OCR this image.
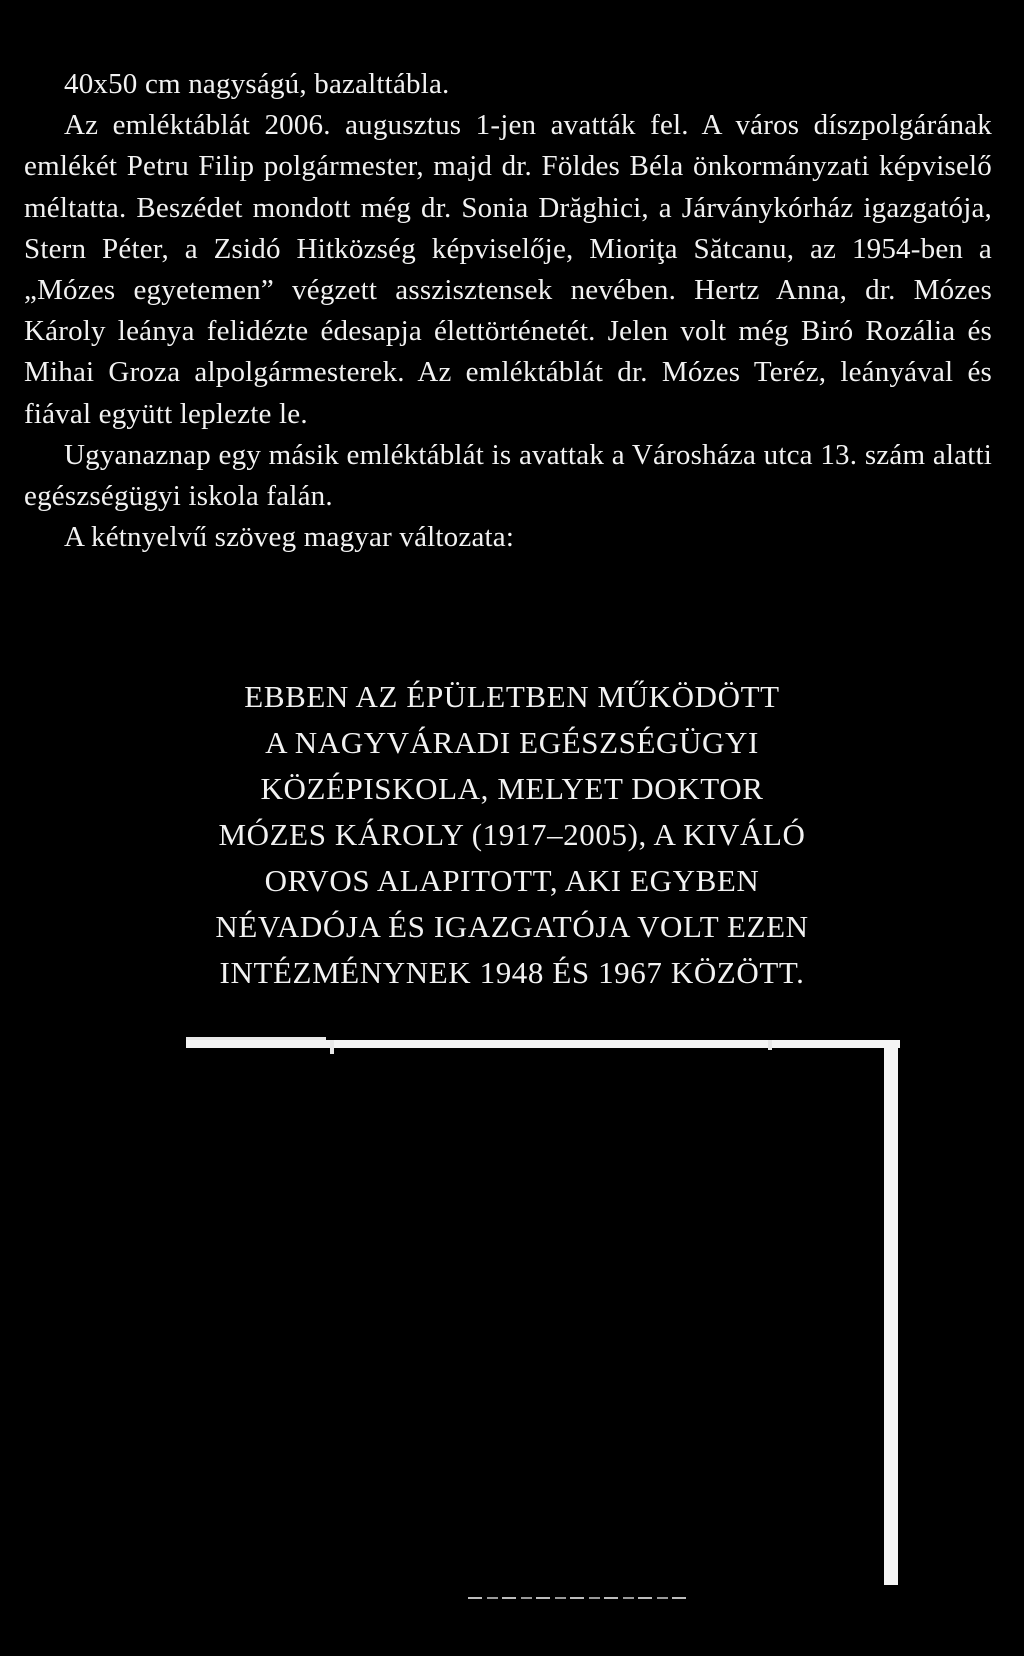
40x50 cm nagyságú, bazalttábla.

Az emléktáblát 2006. augusztus 1-jen avatták fel. A város díszpolgárának emlékét Petru Filip polgármester, majd dr. Földes Béla önkormányzati képviselő méltatta. Beszédet mondott még dr. Sonia Drăghici, a Járványkórház igazgatója, Stern Péter, a Zsidó Hitközség képviselője, Mioriţa Sătcanu, az 1954-ben a „Mózes egyetemen” végzett asszisztensek nevében. Hertz Anna, dr. Mózes Károly leánya felidézte édesapja élettörténetét. Jelen volt még Biró Rozália és Mihai Groza alpolgármesterek. Az emléktáblát dr. Mózes Teréz, leányával és fiával együtt leplezte le.

Ugyanaznap egy másik emléktáblát is avattak a Városháza utca 13. szám alatti egészségügyi iskola falán.

A kétnyelvű szöveg magyar változata:

EBBEN AZ ÉPÜLETBEN MŰKÖDÖTT
A NAGYVÁRADI EGÉSZSÉGÜGYI
KÖZÉPISKOLA, MELYET DOKTOR
MÓZES KÁROLY (1917–2005), A KIVÁLÓ
ORVOS ALAPITOTT, AKI EGYBEN
NÉVADÓJA ÉS IGAZGATÓJA VOLT EZEN
INTÉZMÉNYNEK 1948 ÉS 1967 KÖZÖTT.
